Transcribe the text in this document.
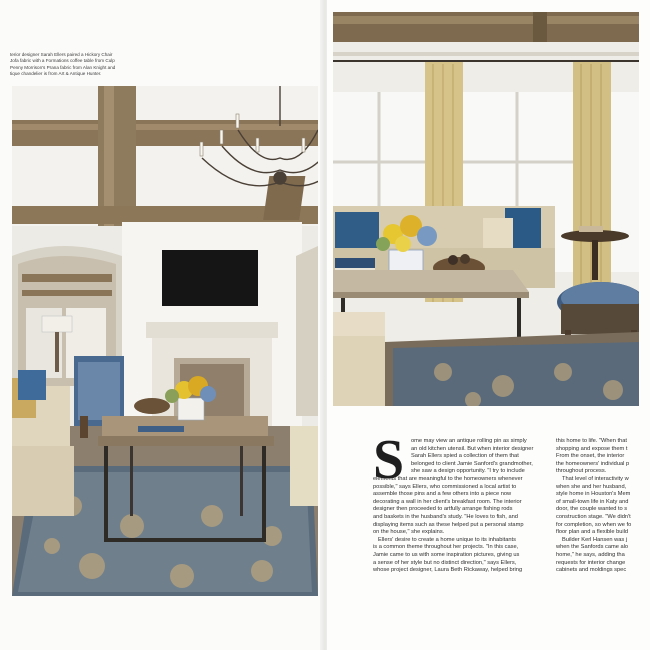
terior designer Sarah Ellers paired a Hickory Chair
Jofa fabric with a Formations coffee table from Culp
Penny Morrison's Prana fabric from Alan Knight and
tique chandelier is from Art & Antique Hunter.
S	ome may view an antique rolling pin as simply
an old kitchen utensil. But when interior designer
Sarah Ellers spied a collection of them that
belonged to client Jamie Sanford's grandmother,
she saw a design opportunity. "I try to include
elements that are meaningful to the homeowners whenever
possible," says Ellers, who commissioned a local artist to
assemble those pins and a few others into a piece now
decorating a wall in her client's breakfast room. The interior
designer then proceeded to artfully arrange fishing rods
and baskets in the husband's study. "He loves to fish, and
displaying items such as these helped put a personal stamp
on the house," she explains.
Ellers' desire to create a home unique to its inhabitants
is a common theme throughout her projects. "In this case,
Jamie came to us with some inspiration pictures, giving us
a sense of her style but no distinct direction," says Ellers,
whose project designer, Laura Beth Rickaway, helped bring
this home to life. "When that
shopping and expose them t
From the onset, the interior
the homeowners' individual p
throughout process.
That level of interactivity w
when she and her husband,
style home in Houston's Mem
of small-town life in Katy and
door, the couple wanted to s
construction stage. "We didn't
for completion, so when we fo
floor plan and a flexible build
Builder Kerl Hansen was j
when the Sanfords came alo
home," he says, adding tha
requests for interior change
cabinets and moldings spec
